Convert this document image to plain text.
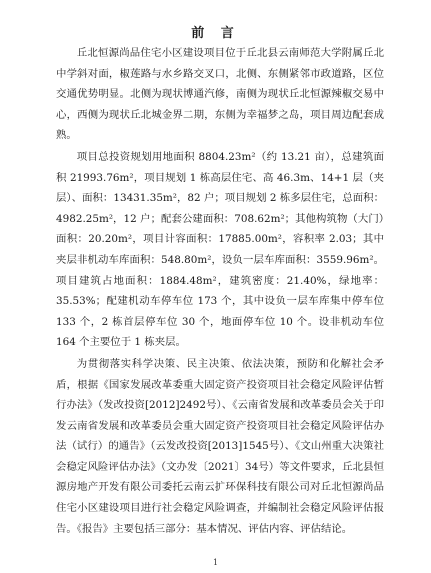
前 言

丘北恒源尚品住宅小区建设项目位于丘北县云南师范大学附属丘北中学斜对面，椒莲路与水乡路交叉口，北侧、东侧紧邻市政道路，区位交通优势明显。北侧为现状博通汽修，南侧为现状丘北恒源辣椒交易中心，西侧为现状丘北城金界二期，东侧为幸福梦之岛，项目周边配套成熟。

项目总投资规划用地面积 8804.23m²（约 13.21 亩），总建筑面积 21993.76m²，项目规划 1 栋高层住宅、高 46.3m、14+1 层（夹层）、面积：13431.35m²，82 户；项目规划 2 栋多层住宅，总面积：4982.25m²，12 户；配套公建面积：708.62m²；其他构筑物（大门）面积：20.20m²，项目计容面积：17885.00m²，容积率 2.03；其中夹层非机动车库面积：548.80m²，设负一层车库面积：3559.96m²。项目建筑占地面积：1884.48m²，建筑密度：21.40%，绿地率：35.53%；配建机动车停车位 173 个，其中设负一层车库集中停车位 133 个，2 栋首层停车位 30 个，地面停车位 10 个。设非机动车位 164 个主要位于 1 栋夹层。

为贯彻落实科学决策、民主决策、依法决策，预防和化解社会矛盾，根据《国家发展改革委重大固定资产投资项目社会稳定风险评估暂行办法》（发改投资[2012]2492号）、《云南省发展和改革委员会关于印发云南省发展和改革委员会重大固定资产投资项目社会稳定风险评估办法（试行）的通告》（云发改投资[2013]1545号）、《文山州重大决策社会稳定风险评估办法》（文办发〔2021〕34号）等文件要求，丘北县恒源房地产开发有限公司委托云南云扩环保科技有限公司对丘北恒源尚品住宅小区建设项目进行社会稳定风险调查，并编制社会稳定风险评估报告。《报告》主要包括三部分：基本情况、评估内容、评估结论。

1
